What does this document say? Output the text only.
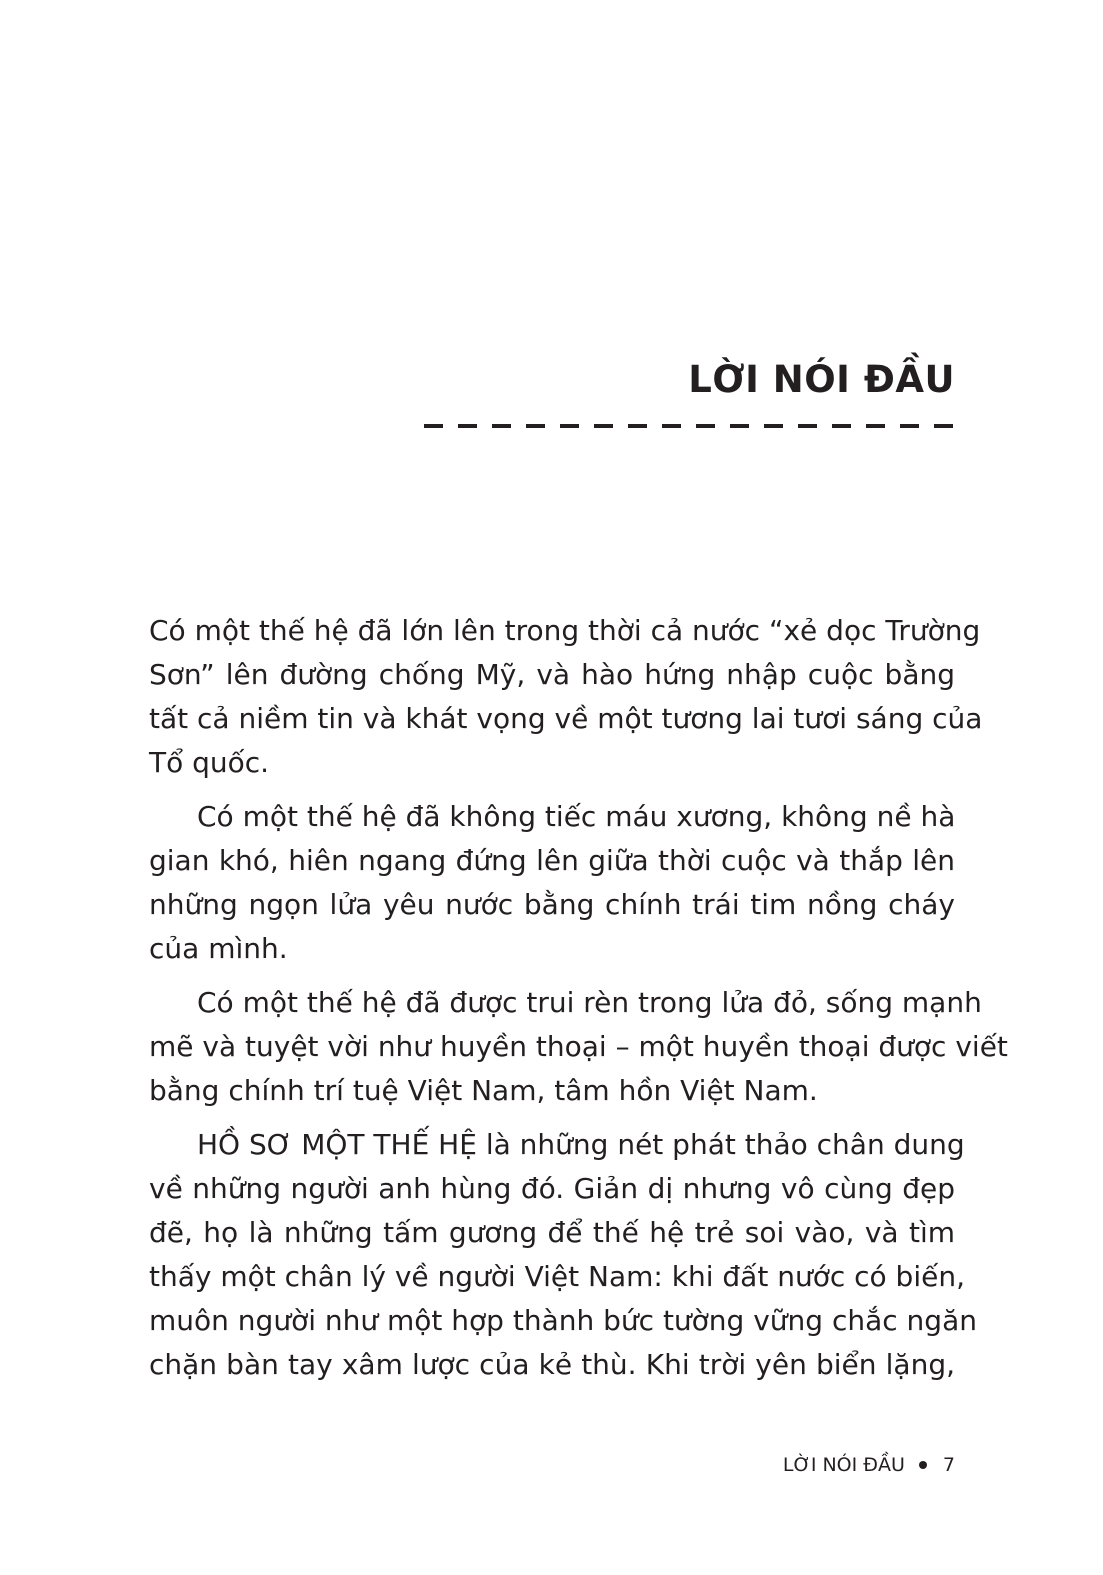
LỜI NÓI ĐẦU

Có một thế hệ đã lớn lên trong thời cả nước “xẻ dọc Trường
Sơn” lên đường chống Mỹ, và hào hứng nhập cuộc bằng
tất cả niềm tin và khát vọng về một tương lai tươi sáng của
Tổ quốc.

Có một thế hệ đã không tiếc máu xương, không nề hà
gian khó, hiên ngang đứng lên giữa thời cuộc và thắp lên
những ngọn lửa yêu nước bằng chính trái tim nồng cháy
của mình.

Có một thế hệ đã được trui rèn trong lửa đỏ, sống mạnh
mẽ và tuyệt vời như huyền thoại – một huyền thoại được viết
bằng chính trí tuệ Việt Nam, tâm hồn Việt Nam.

HỒ SƠ MỘT THẾ HỆ là những nét phát thảo chân dung
về những người anh hùng đó. Giản dị nhưng vô cùng đẹp
đẽ, họ là những tấm gương để thế hệ trẻ soi vào, và tìm
thấy một chân lý về người Việt Nam: khi đất nước có biến,
muôn người như một hợp thành bức tường vững chắc ngăn
chặn bàn tay xâm lược của kẻ thù. Khi trời yên biển lặng,

LỜI NÓI ĐẦU 7
